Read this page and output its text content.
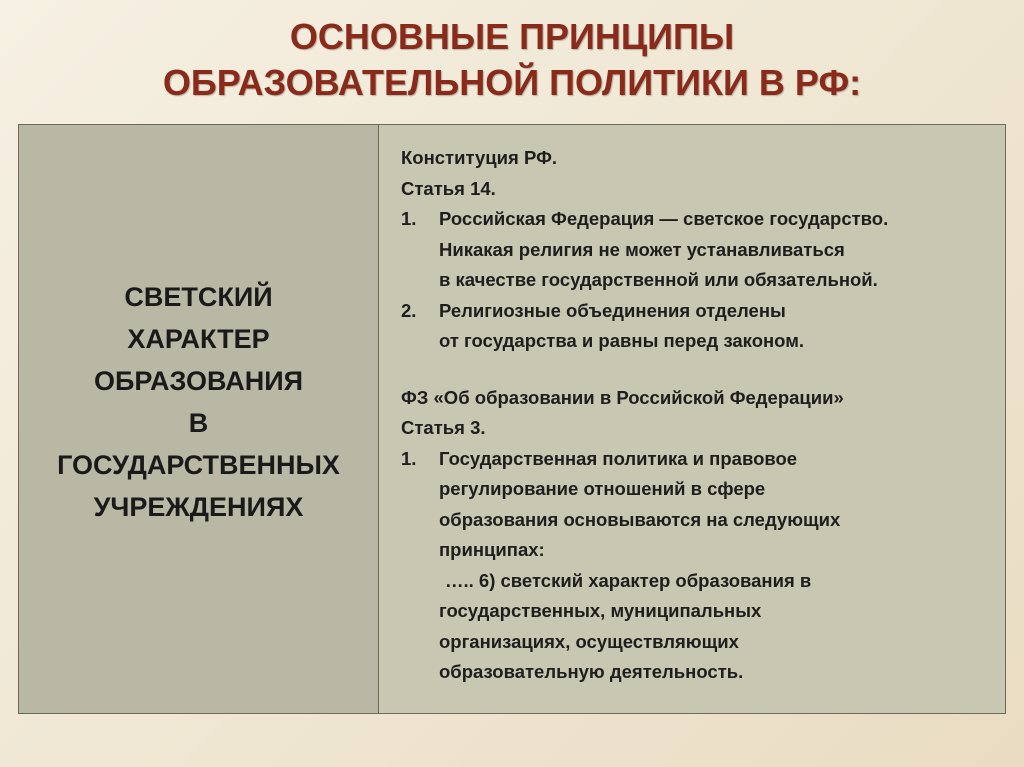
ОСНОВНЫЕ ПРИНЦИПЫ
ОБРАЗОВАТЕЛЬНОЙ ПОЛИТИКИ В РФ:
СВЕТСКИЙ
ХАРАКТЕР
ОБРАЗОВАНИЯ
В
ГОСУДАРСТВЕННЫХ
УЧРЕЖДЕНИЯХ
Конституция РФ.
Статья 14.
1.	Российская Федерация — светское государство.
Никакая религия не может устанавливаться
в качестве государственной или обязательной.
2.	Религиозные объединения отделены
от государства и равны перед законом.
ФЗ «Об образовании в Российской Федерации»
Статья 3.
1.	Государственная политика и правовое
регулирование отношений в сфере
образования основываются на следующих
принципах:
….. 6) светский характер образования в
государственных, муниципальных
организациях, осуществляющих
образовательную деятельность.
